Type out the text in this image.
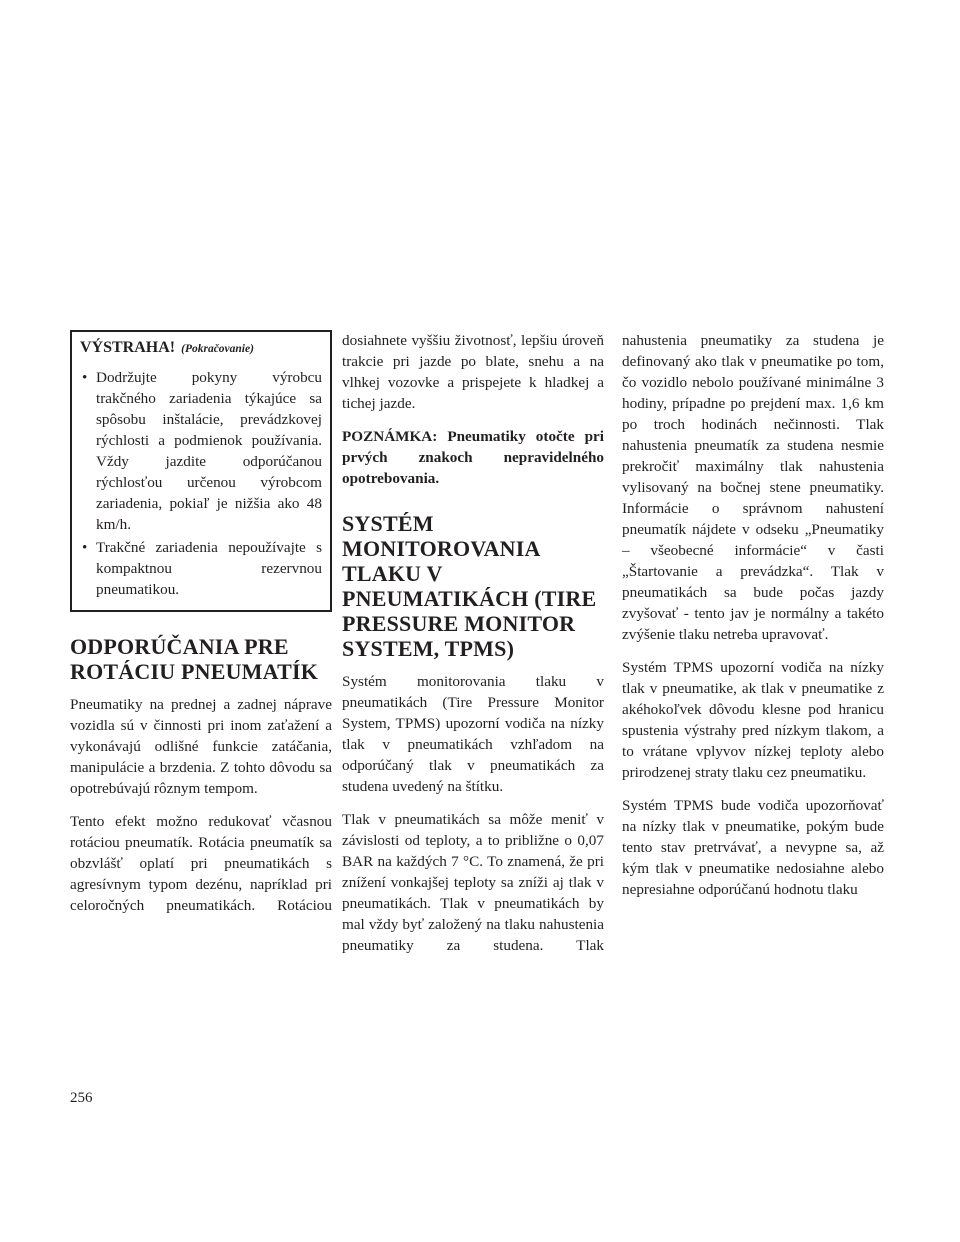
VÝSTRAHA! (Pokračovanie)
• Dodržujte pokyny výrobcu trakčného zariadenia týkajúce sa spôsobu inštalácie, prevádzkovej rýchlosti a podmienok používania. Vždy jazdite odporúčanou rýchlosťou určenou výrobcom zariadenia, pokiaľ je nižšia ako 48 km/h.
• Trakčné zariadenia nepoužívajte s kompaktnou rezervnou pneumatikou.
ODPORÚČANIA PRE ROTÁCIU PNEUMATÍK

Pneumatiky na prednej a zadnej náprave vozidla sú v činnosti pri inom zaťažení a vykonávajú odlišné funkcie zatáčania, manipulácie a brzdenia. Z tohto dôvodu sa opotrebúvajú rôznym tempom.

Tento efekt možno redukovať včasnou rotáciou pneumatík. Rotácia pneumatík sa obzvlášť oplatí pri pneumatikách s agresívnym typom dezénu, napríklad pri celoročných pneumatikách. Rotáciou

dosiahnete vyššiu životnosť, lepšiu úroveň trakcie pri jazde po blate, snehu a na vlhkej vozovke a prispejete k hladkej a tichej jazde.

POZNÁMKA: Pneumatiky otočte pri prvých znakoch nepravidelného opotrebovania.

SYSTÉM MONITOROVANIA TLAKU V PNEUMATIKÁCH (TIRE PRESSURE MONITOR SYSTEM, TPMS)

Systém monitorovania tlaku v pneumatikách (Tire Pressure Monitor System, TPMS) upozorní vodiča na nízky tlak v pneumatikách vzhľadom na odporúčaný tlak v pneumatikách za studena uvedený na štítku.

Tlak v pneumatikách sa môže meniť v závislosti od teploty, a to približne o 0,07 BAR na každých 7 °C. To znamená, že pri znížení vonkajšej teploty sa zníži aj tlak v pneumatikách. Tlak v pneumatikách by mal vždy byť založený na tlaku nahustenia pneumatiky za studena. Tlak

nahustenia pneumatiky za studena je definovaný ako tlak v pneumatike po tom, čo vozidlo nebolo používané minimálne 3 hodiny, prípadne po prejdení max. 1,6 km po troch hodinách nečinnosti. Tlak nahustenia pneumatík za studena nesmie prekročiť maximálny tlak nahustenia vylisovaný na bočnej stene pneumatiky. Informácie o správnom nahustení pneumatík nájdete v odseku „Pneumatiky – všeobecné informácie“ v časti „Štartovanie a prevádzka“. Tlak v pneumatikách sa bude počas jazdy zvyšovať - tento jav je normálny a takéto zvýšenie tlaku netreba upravovať.

Systém TPMS upozorní vodiča na nízky tlak v pneumatike, ak tlak v pneumatike z akéhokoľvek dôvodu klesne pod hranicu spustenia výstrahy pred nízkym tlakom, a to vrátane vplyvov nízkej teploty alebo prirodzenej straty tlaku cez pneumatiku.

Systém TPMS bude vodiča upozorňovať na nízky tlak v pneumatike, pokým bude tento stav pretrvávať, a nevypne sa, až kým tlak v pneumatike nedosiahne alebo nepresiahne odporúčanú hodnotu tlaku

256
